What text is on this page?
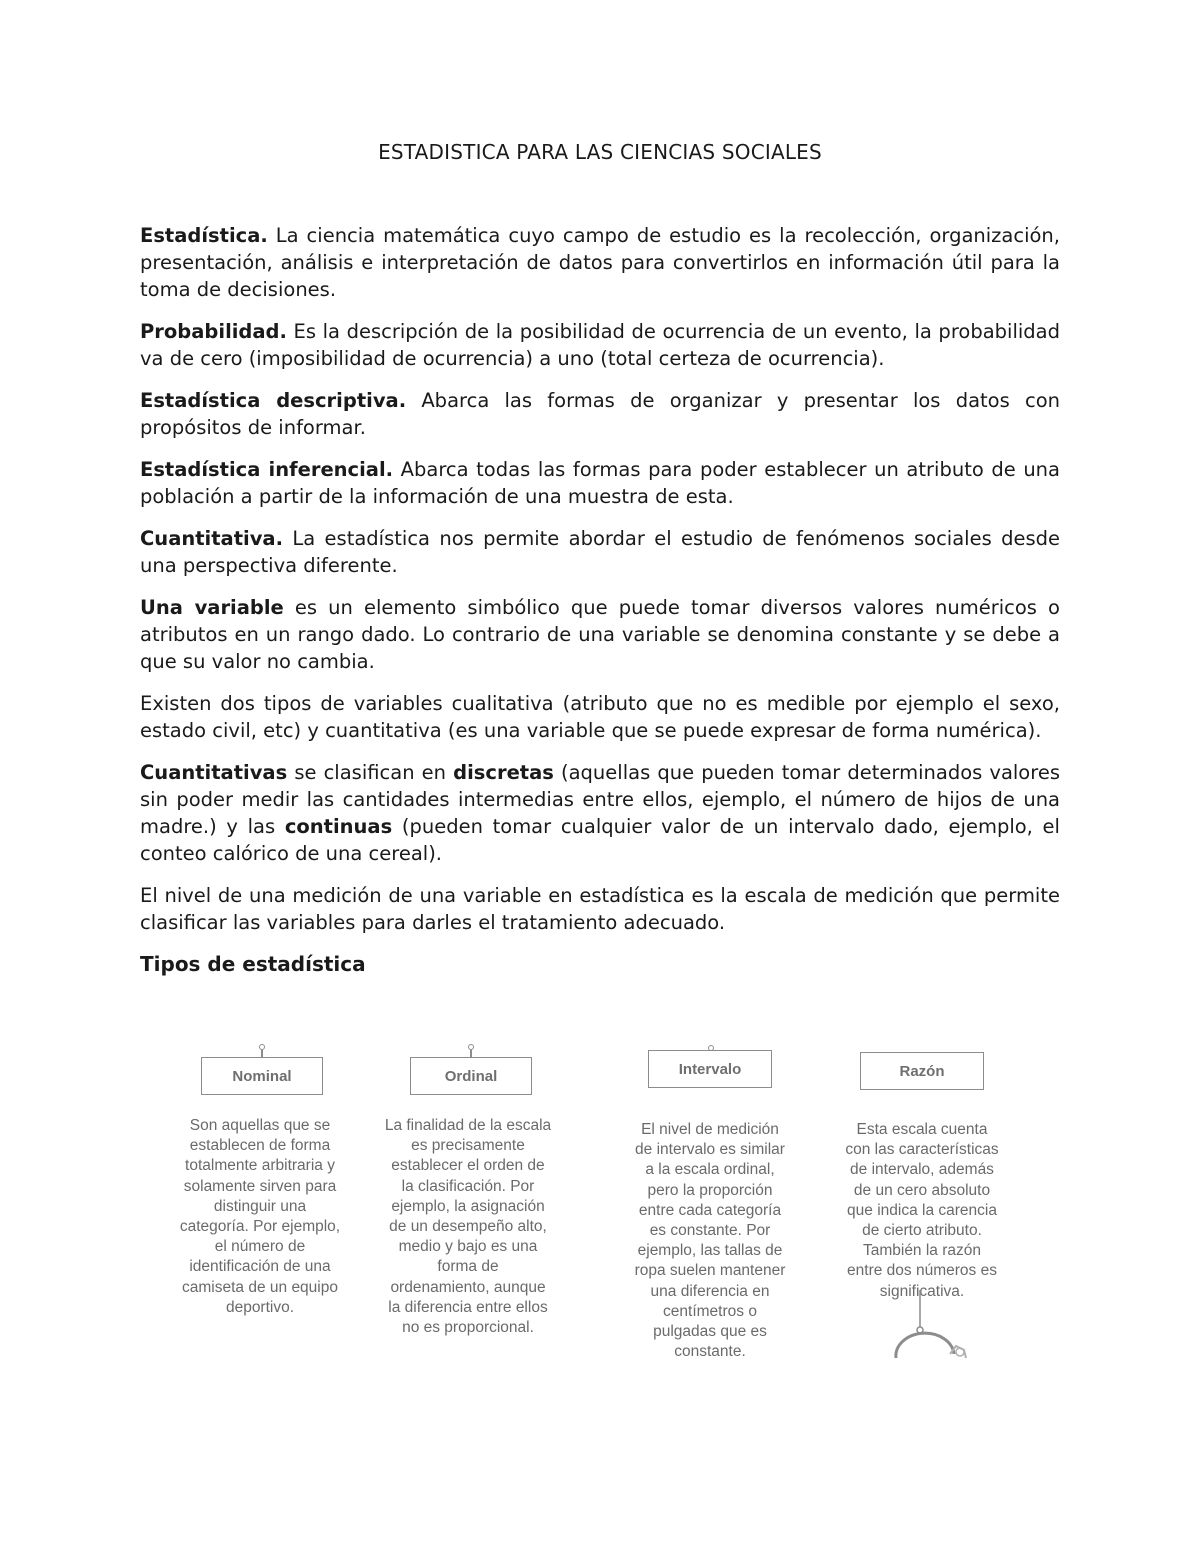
ESTADISTICA PARA LAS CIENCIAS SOCIALES

Estadística. La ciencia matemática cuyo campo de estudio es la recolección, organización, presentación, análisis e interpretación de datos para convertirlos en información útil para la toma de decisiones.

Probabilidad. Es la descripción de la posibilidad de ocurrencia de un evento, la probabilidad va de cero (imposibilidad de ocurrencia) a uno (total certeza de ocurrencia).

Estadística descriptiva. Abarca las formas de organizar y presentar los datos con propósitos de informar.

Estadística inferencial. Abarca todas las formas para poder establecer un atributo de una población a partir de la información de una muestra de esta.

Cuantitativa. La estadística nos permite abordar el estudio de fenómenos sociales desde una perspectiva diferente.

Una variable es un elemento simbólico que puede tomar diversos valores numéricos o atributos en un rango dado. Lo contrario de una variable se denomina constante y se debe a que su valor no cambia.

Existen dos tipos de variables cualitativa (atributo que no es medible por ejemplo el sexo, estado civil, etc) y cuantitativa (es una variable que se puede expresar de forma numérica).

Cuantitativas se clasifican en discretas (aquellas que pueden tomar determinados valores sin poder medir las cantidades intermedias entre ellos, ejemplo, el número de hijos de una madre.) y las continuas (pueden tomar cualquier valor de un intervalo dado, ejemplo, el conteo calórico de una cereal).

El nivel de una medición de una variable en estadística es la escala de medición que permite clasificar las variables para darles el tratamiento adecuado.

Tipos de estadística
Nominal
Son aquellas que se
establecen de forma
totalmente arbitraria y
solamente sirven para
distinguir una
categoría. Por ejemplo,
el número de
identificación de una
camiseta de un equipo
deportivo.
Ordinal
La finalidad de la escala
es precisamente
establecer el orden de
la clasificación. Por
ejemplo, la asignación
de un desempeño alto,
medio y bajo es una
forma de
ordenamiento, aunque
la diferencia entre ellos
no es proporcional.
Intervalo
El nivel de medición
de intervalo es similar
a la escala ordinal,
pero la proporción
entre cada categoría
es constante. Por
ejemplo, las tallas de
ropa suelen mantener
una diferencia en
centímetros o
pulgadas que es
constante.
Razón
Esta escala cuenta
con las características
de intervalo, además
de un cero absoluto
que indica la carencia
de cierto atributo.
También la razón
entre dos números es
significativa.
